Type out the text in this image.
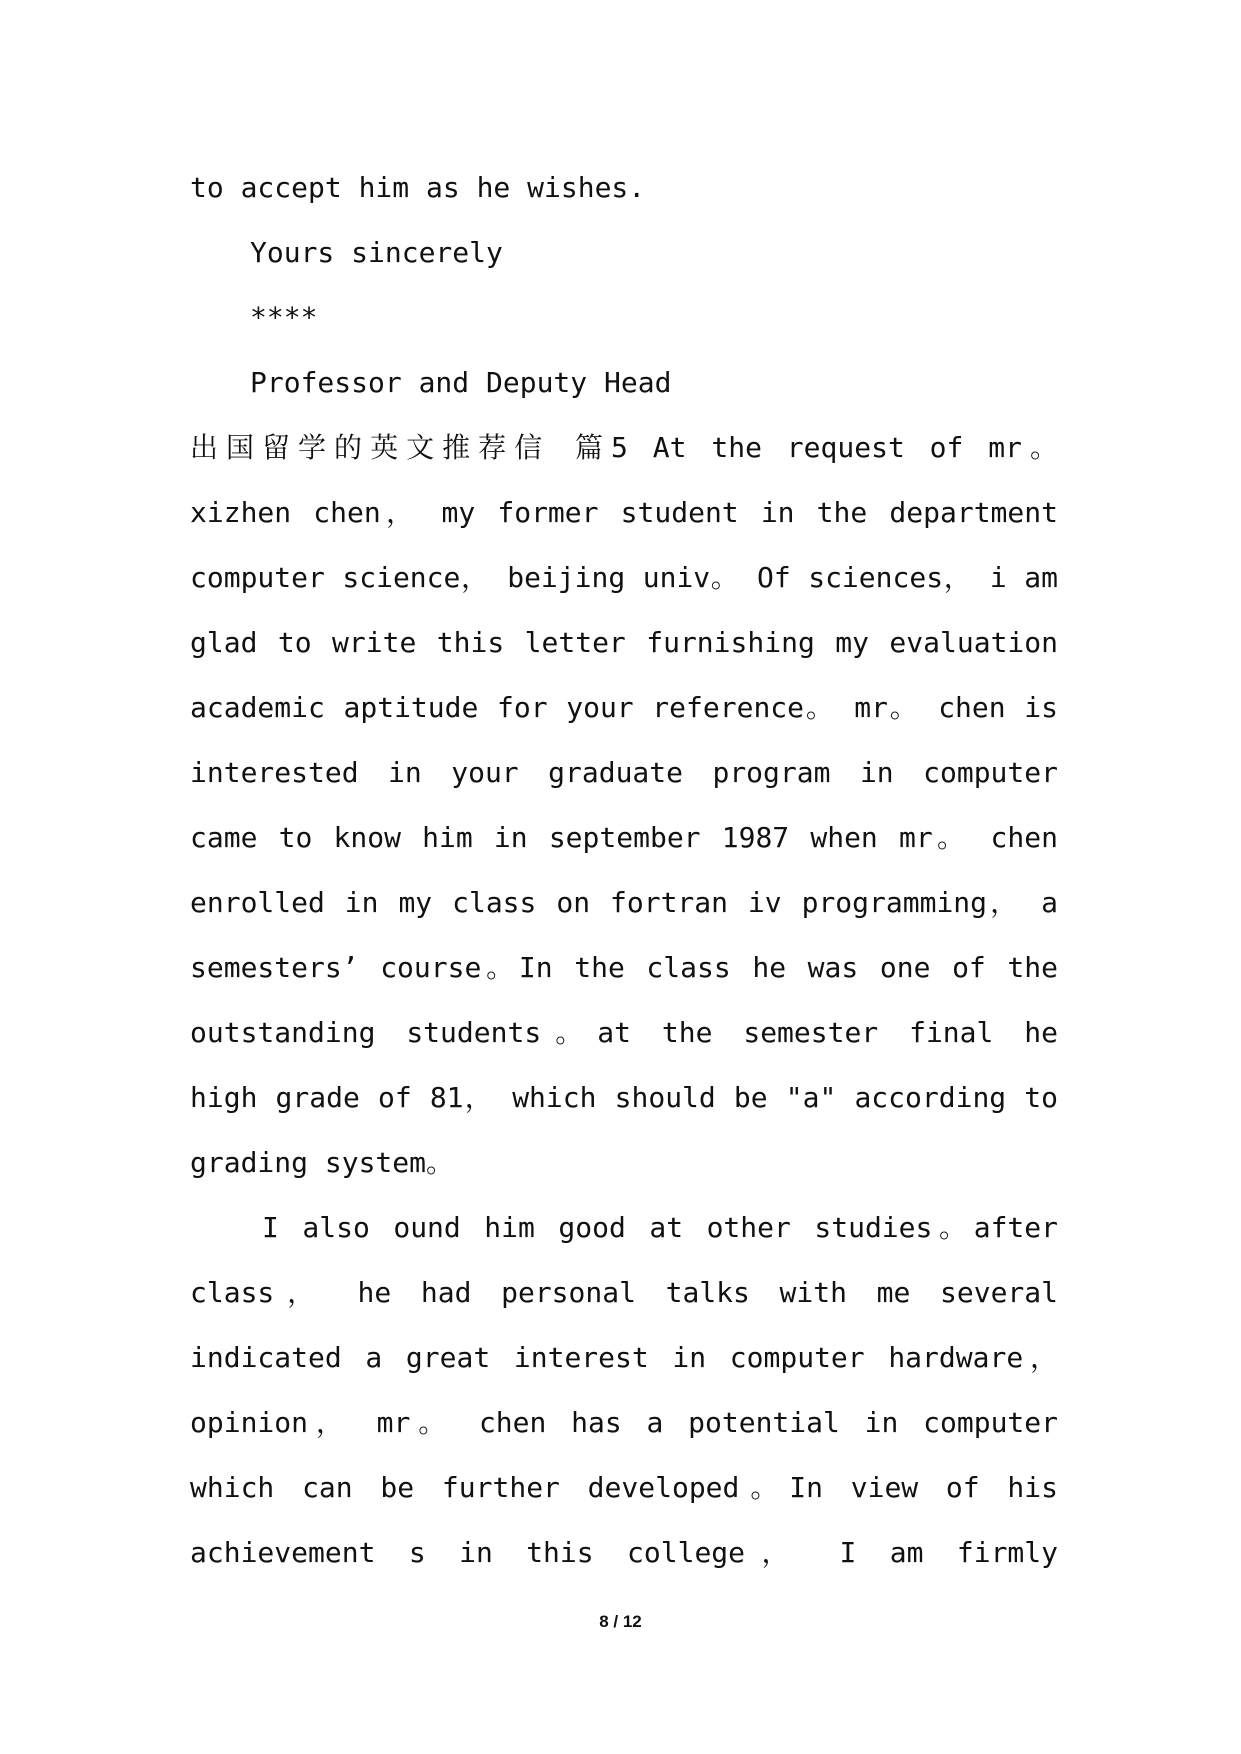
to accept him as he wishes.
Yours sincerely
****
Professor and Deputy Head
出国留学的英文推荐信 篇5 At the request of mr。
xizhen chen， my former student in the department
computer science， beijing univ。 Of sciences， i am
glad to write this letter furnishing my evaluation
academic aptitude for your reference。 mr。 chen is
interested in your graduate program in computer
came to know him in september 1987 when mr。 chen
enrolled in my class on fortran iv programming， a
semesters’ course。In the class he was one of the
outstanding students。at the semester final he
high grade of 81， which should be "a" according to
grading system。
I also ound him good at other studies。after
class， he had personal talks with me several
indicated a great interest in computer hardware，
opinion， mr。 chen has a potential in computer
which can be further developed。In view of his
achievement s in this college， I am firmly
8 / 12
